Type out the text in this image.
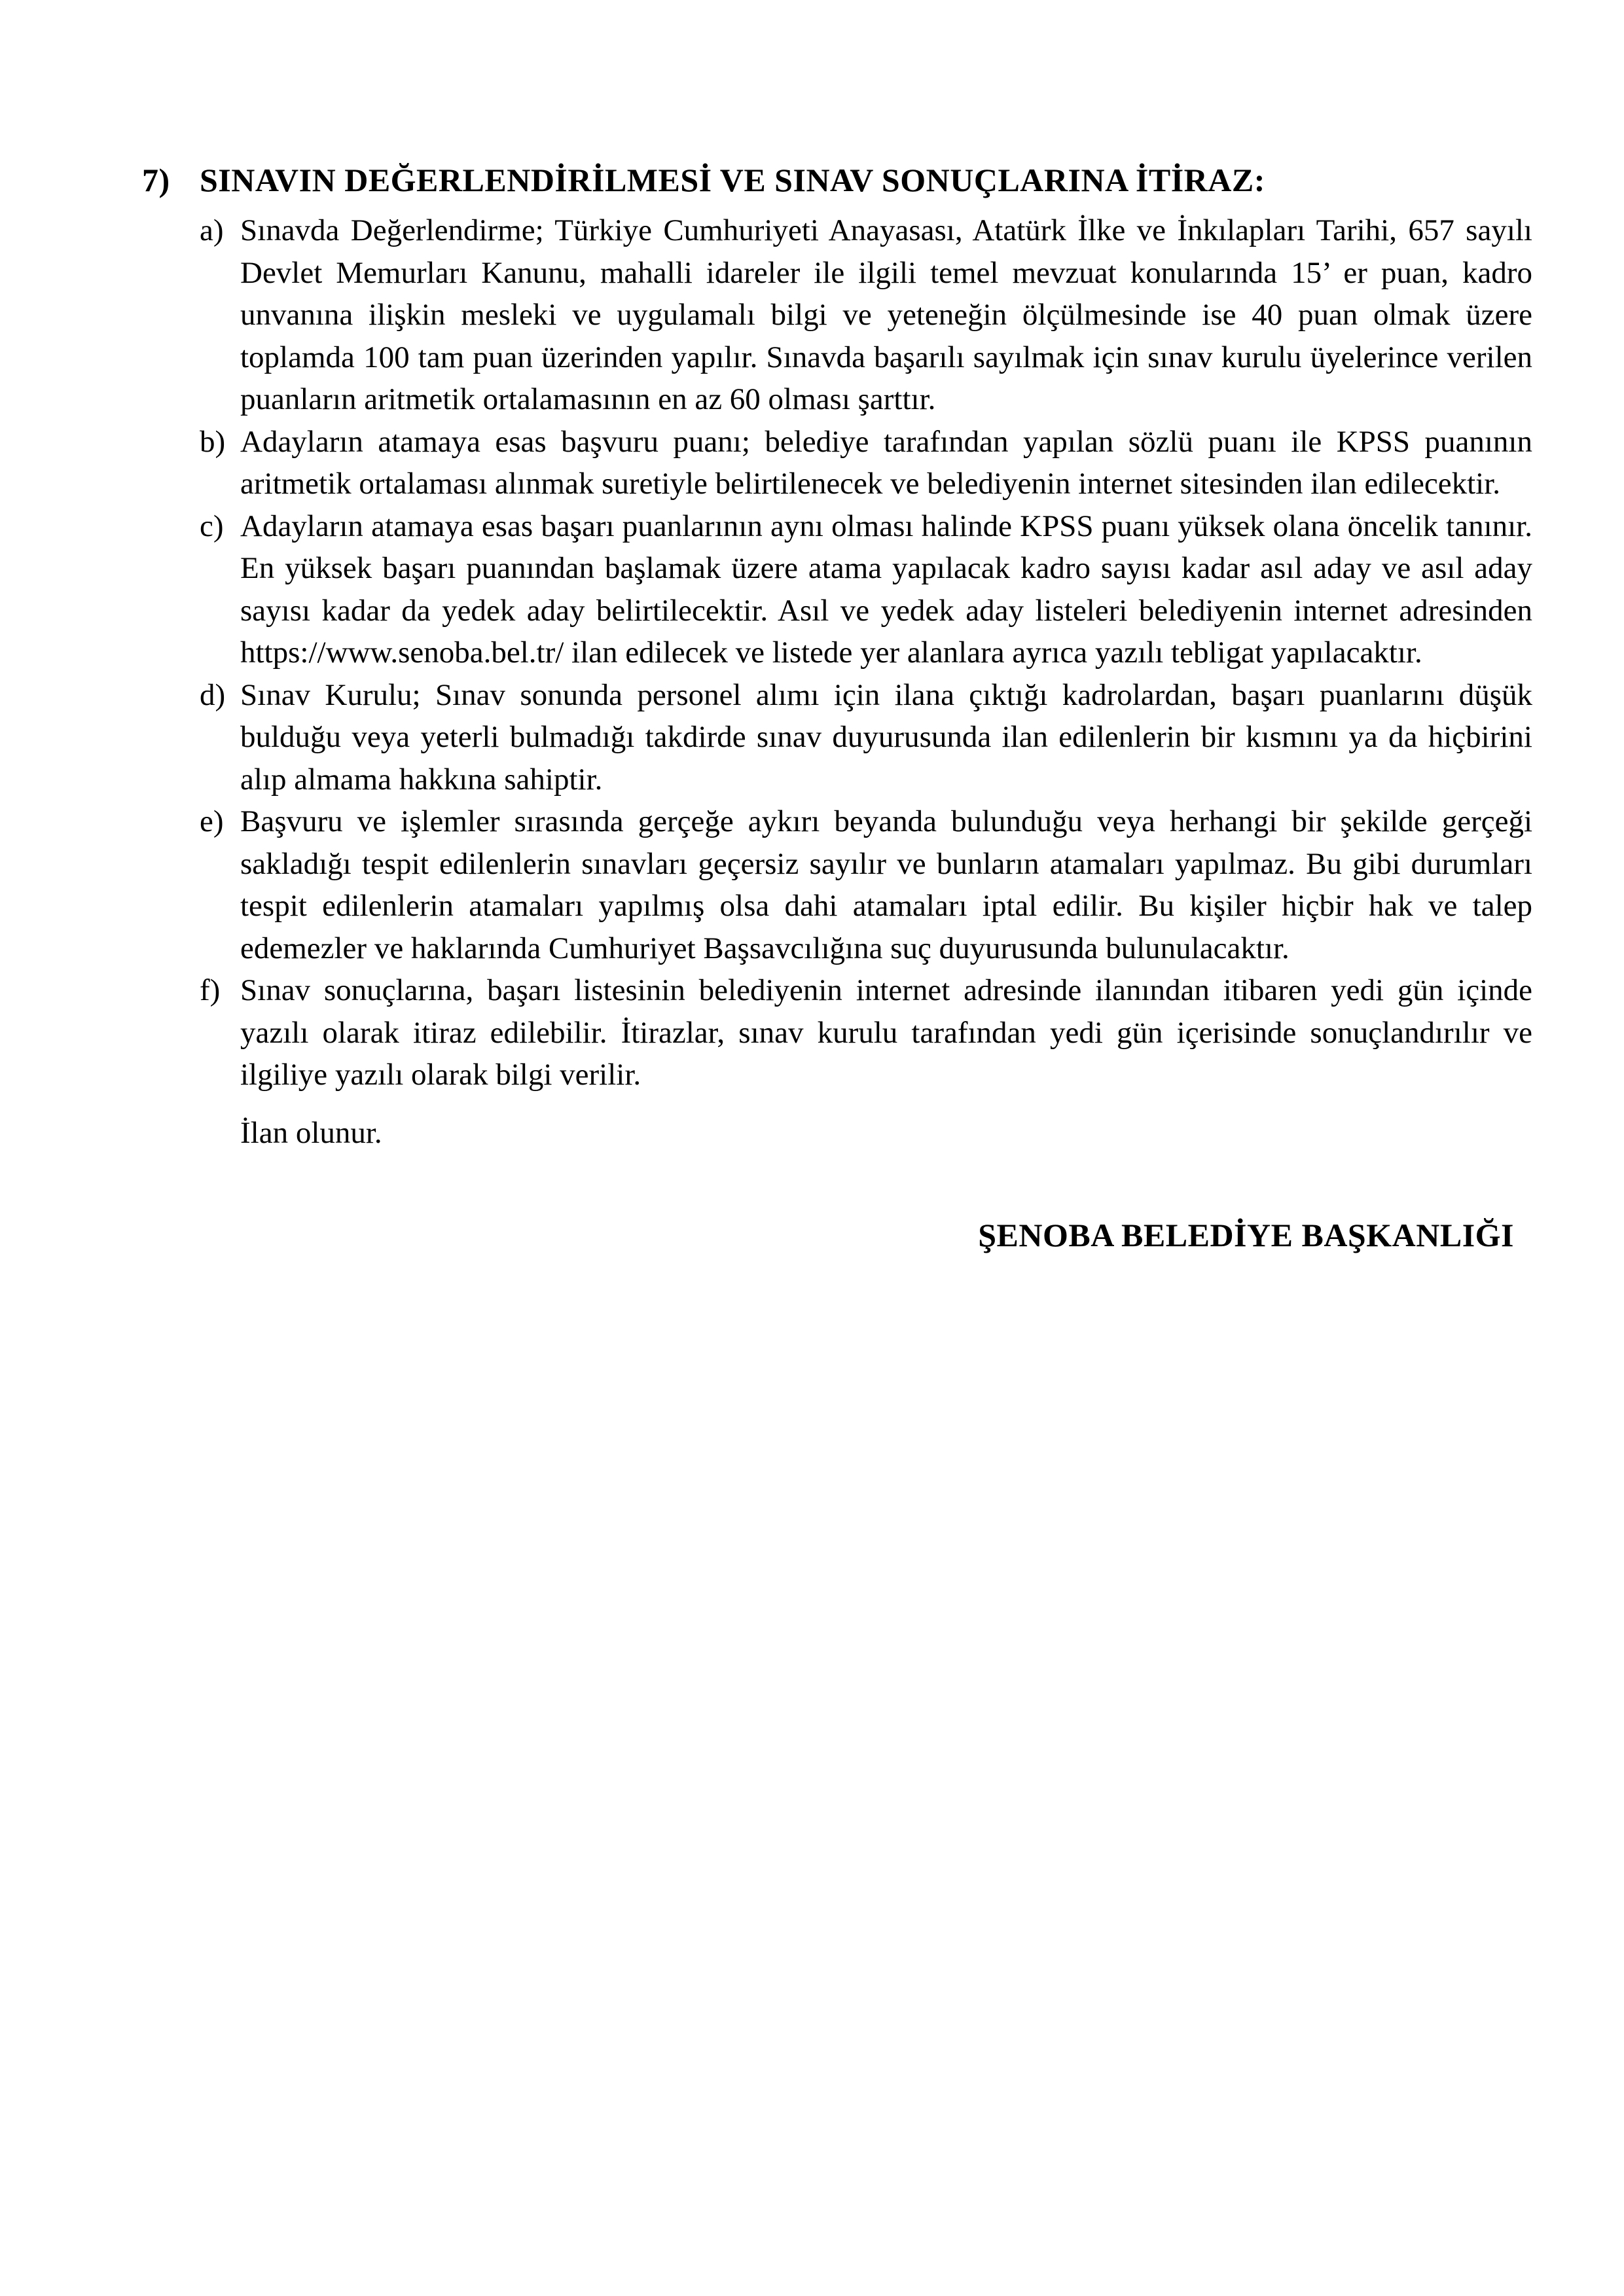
7) SINAVIN DEĞERLENDİRİLMESİ VE SINAV SONUÇLARINA İTİRAZ:
a) Sınavda Değerlendirme; Türkiye Cumhuriyeti Anayasası, Atatürk İlke ve İnkılapları Tarihi, 657 sayılı Devlet Memurları Kanunu, mahalli idareler ile ilgili temel mevzuat konularında 15’ er puan, kadro unvanına ilişkin mesleki ve uygulamalı bilgi ve yeteneğin ölçülmesinde ise 40 puan olmak üzere toplamda 100 tam puan üzerinden yapılır. Sınavda başarılı sayılmak için sınav kurulu üyelerince verilen puanların aritmetik ortalamasının en az 60 olması şarttır.
b) Adayların atamaya esas başvuru puanı; belediye tarafından yapılan sözlü puanı ile KPSS puanının aritmetik ortalaması alınmak suretiyle belirtilenecek ve belediyenin internet sitesinden ilan edilecektir.
c) Adayların atamaya esas başarı puanlarının aynı olması halinde KPSS puanı yüksek olana öncelik tanınır. En yüksek başarı puanından başlamak üzere atama yapılacak kadro sayısı kadar asıl aday ve asıl aday sayısı kadar da yedek aday belirtilecektir. Asıl ve yedek aday listeleri belediyenin internet adresinden https://www.senoba.bel.tr/ ilan edilecek ve listede yer alanlara ayrıca yazılı tebligat yapılacaktır.
d) Sınav Kurulu; Sınav sonunda personel alımı için ilana çıktığı kadrolardan, başarı puanlarını düşük bulduğu veya yeterli bulmadığı takdirde sınav duyurusunda ilan edilenlerin bir kısmını ya da hiçbirini alıp almama hakkına sahiptir.
e) Başvuru ve işlemler sırasında gerçeğe aykırı beyanda bulunduğu veya herhangi bir şekilde gerçeği sakladığı tespit edilenlerin sınavları geçersiz sayılır ve bunların atamaları yapılmaz. Bu gibi durumları tespit edilenlerin atamaları yapılmış olsa dahi atamaları iptal edilir. Bu kişiler hiçbir hak ve talep edemezler ve haklarında Cumhuriyet Başsavcılığına suç duyurusunda bulunulacaktır.
f) Sınav sonuçlarına, başarı listesinin belediyenin internet adresinde ilanından itibaren yedi gün içinde yazılı olarak itiraz edilebilir. İtirazlar, sınav kurulu tarafından yedi gün içerisinde sonuçlandırılır ve ilgiliye yazılı olarak bilgi verilir.
İlan olunur.
ŞENOBA BELEDİYE BAŞKANLIĞI
